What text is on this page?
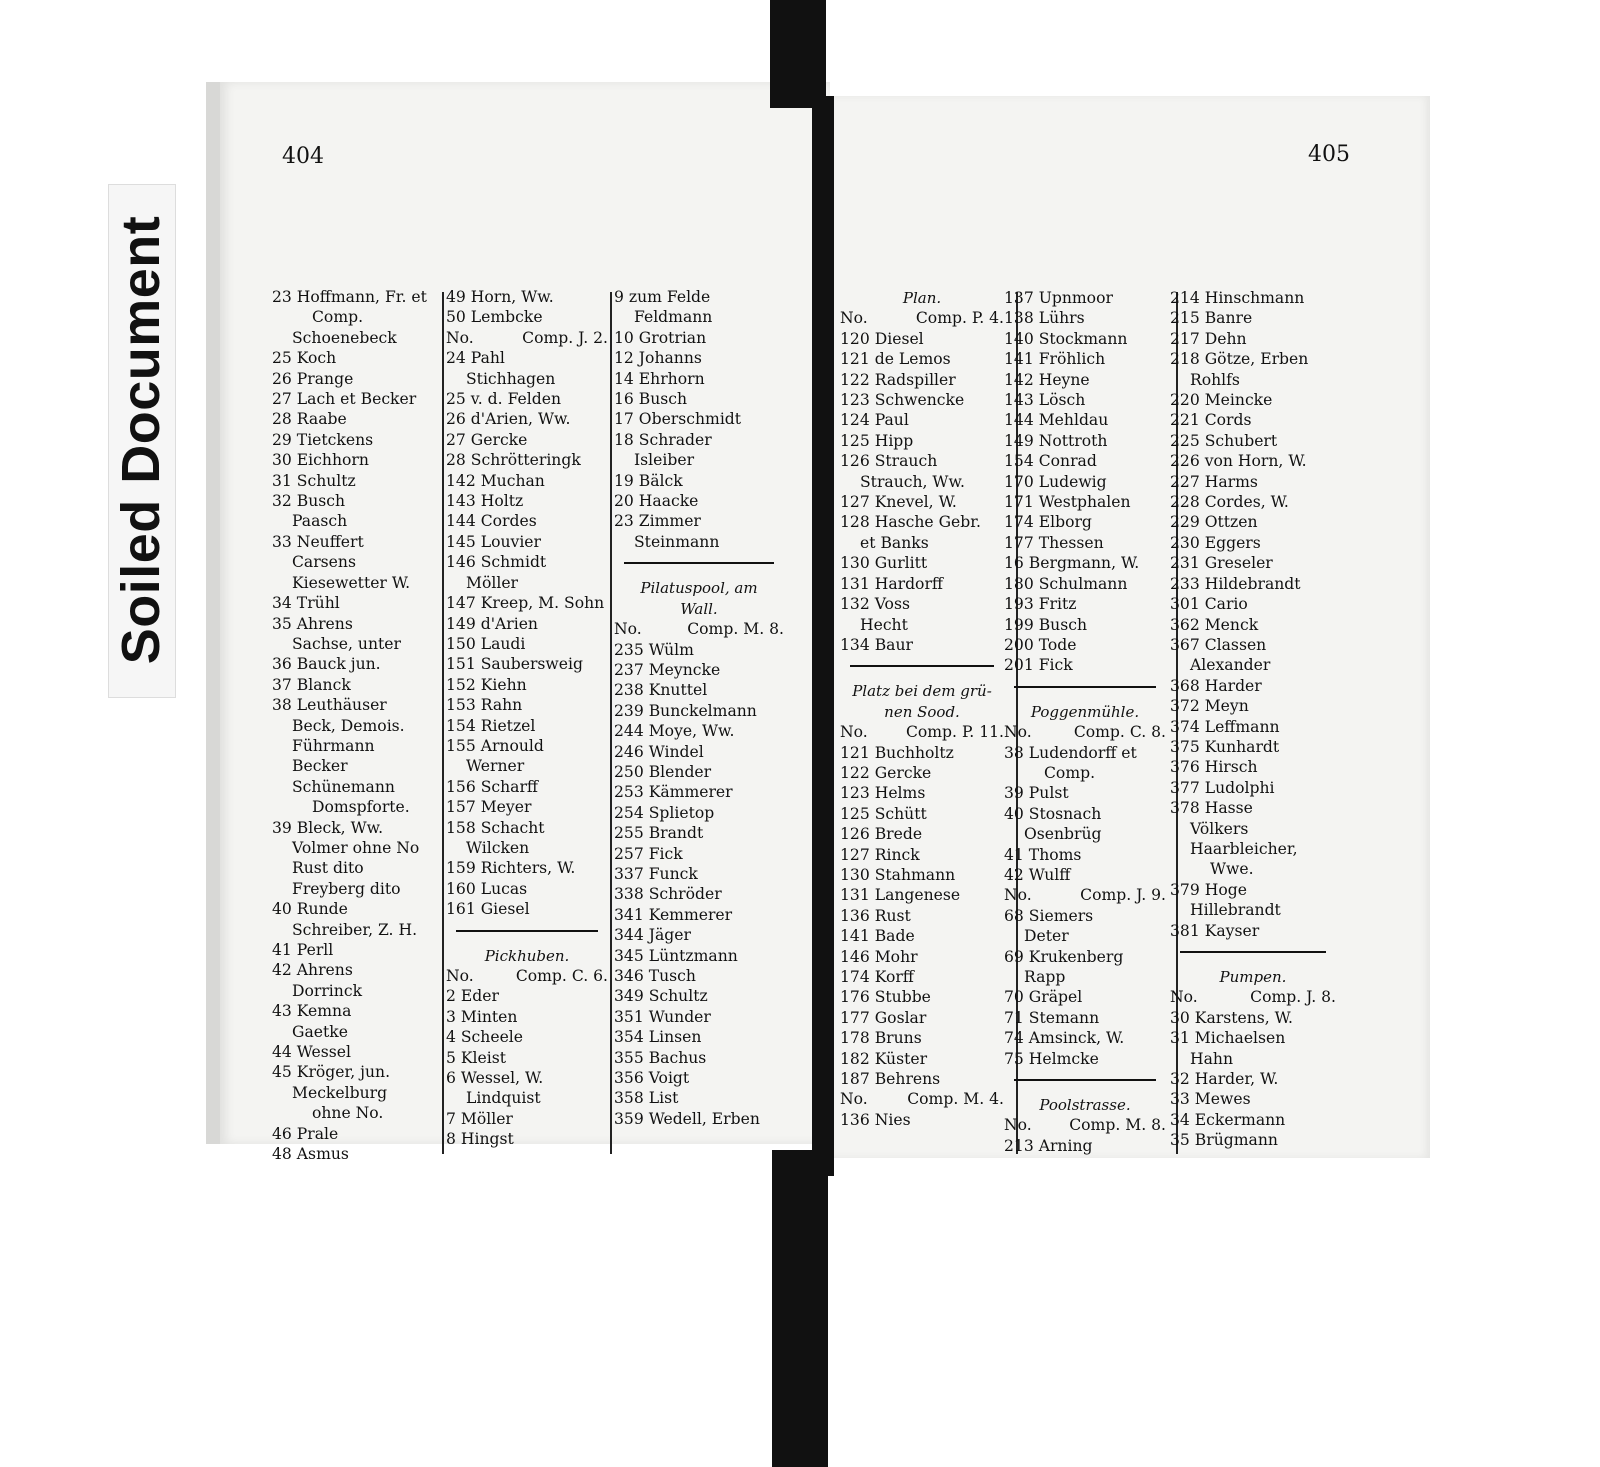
Soiled Document
404
23 Hoffmann, Fr. et
Comp.
Schoenebeck
25 Koch
26 Prange
27 Lach et Becker
28 Raabe
29 Tietckens
30 Eichhorn
31 Schultz
32 Busch
Paasch
33 Neuffert
Carsens
Kiesewetter W.
34 Trühl
35 Ahrens
Sachse, unter
36 Bauck jun.
37 Blanck
38 Leuthäuser
Beck, Demois.
Führmann
Becker
Schünemann
Domspforte.
39 Bleck, Ww.
Volmer ohne No
Rust dito
Freyberg dito
40 Runde
Schreiber, Z. H.
41 Perll
42 Ahrens
Dorrinck
43 Kemna
Gaetke
44 Wessel
45 Kröger, jun.
Meckelburg
ohne No.
46 Prale
48 Asmus
49 Horn, Ww.
50 Lembcke
No.	Comp. J. 2.
24 Pahl
Stichhagen
25 v. d. Felden
26 d'Arien, Ww.
27 Gercke
28 Schrötteringk
142 Muchan
143 Holtz
144 Cordes
145 Louvier
146 Schmidt
Möller
147 Kreep, M. Sohn
149 d'Arien
150 Laudi
151 Saubersweig
152 Kiehn
153 Rahn
154 Rietzel
155 Arnould
Werner
156 Scharff
157 Meyer
158 Schacht
Wilcken
159 Richters, W.
160 Lucas
161 Giesel
Pickhuben.
No.	Comp. C. 6.
2 Eder
3 Minten
4 Scheele
5 Kleist
6 Wessel, W.
Lindquist
7 Möller
8 Hingst
9 zum Felde
Feldmann
10 Grotrian
12 Johanns
14 Ehrhorn
16 Busch
17 Oberschmidt
18 Schrader
Isleiber
19 Bälck
20 Haacke
23 Zimmer
Steinmann
Pilatuspool, am
Wall.
No.	Comp. M. 8.
235 Wülm
237 Meyncke
238 Knuttel
239 Bunckelmann
244 Moye, Ww.
246 Windel
250 Blender
253 Kämmerer
254 Splietop
255 Brandt
257 Fick
337 Funck
338 Schröder
341 Kemmerer
344 Jäger
345 Lüntzmann
346 Tusch
349 Schultz
351 Wunder
354 Linsen
355 Bachus
356 Voigt
358 List
359 Wedell, Erben
405
Plan.
No.	Comp. P. 4.
120 Diesel
121 de Lemos
122 Radspiller
123 Schwencke
124 Paul
125 Hipp
126 Strauch
Strauch, Ww.
127 Knevel, W.
128 Hasche Gebr.
et Banks
130 Gurlitt
131 Hardorff
132 Voss
Hecht
134 Baur
Platz bei dem grü-
nen Sood.
No. Comp. P. 11.
121 Buchholtz
122 Gercke
123 Helms
125 Schütt
126 Brede
127 Rinck
130 Stahmann
131 Langenese
136 Rust
141 Bade
146 Mohr
174 Korff
176 Stubbe
177 Goslar
178 Bruns
182 Küster
187 Behrens
No.	Comp. M. 4.
136 Nies
137 Upnmoor
138 Lührs
140 Stockmann
141 Fröhlich
142 Heyne
143 Lösch
144 Mehldau
149 Nottroth
154 Conrad
170 Ludewig
171 Westphalen
174 Elborg
177 Thessen
16 Bergmann, W.
180 Schulmann
193 Fritz
199 Busch
200 Tode
201 Fick
Poggenmühle.
No.	Comp. C. 8.
38 Ludendorff et
Comp.
39 Pulst
40 Stosnach
Osenbrüg
41 Thoms
42 Wulff
No.	Comp. J. 9.
68 Siemers
Deter
69 Krukenberg
Rapp
70 Gräpel
71 Stemann
74 Amsinck, W.
75 Helmcke
Poolstrasse.
No. Comp. M. 8.
213 Arning
214 Hinschmann
215 Banre
217 Dehn
218 Götze, Erben
Rohlfs
220 Meincke
221 Cords
225 Schubert
226 von Horn, W.
227 Harms
228 Cordes, W.
229 Ottzen
230 Eggers
231 Greseler
233 Hildebrandt
301 Cario
362 Menck
367 Classen
Alexander
368 Harder
372 Meyn
374 Leffmann
375 Kunhardt
376 Hirsch
377 Ludolphi
378 Hasse
Völkers
Haarbleicher,
Wwe.
379 Hoge
Hillebrandt
381 Kayser
Pumpen.
No.	Comp. J. 8.
30 Karstens, W.
31 Michaelsen
Hahn
32 Harder, W.
33 Mewes
34 Eckermann
35 Brügmann
